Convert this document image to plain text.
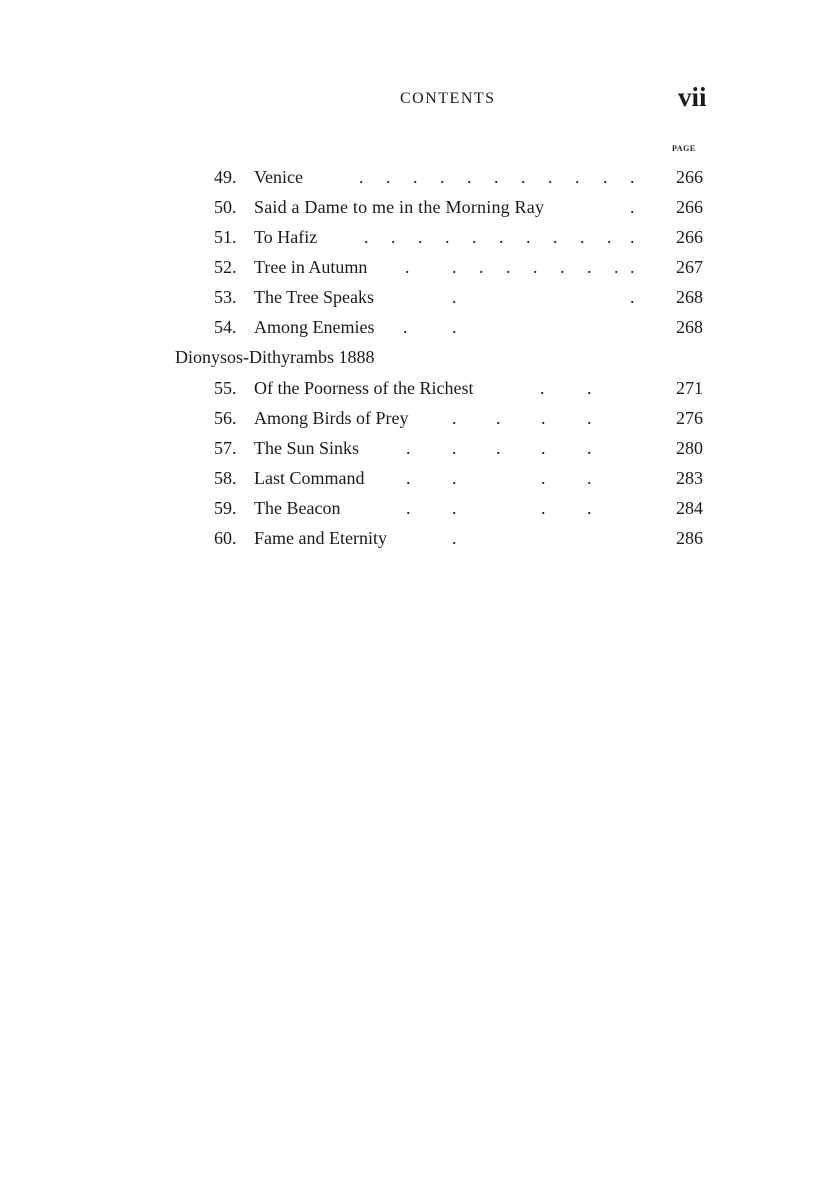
CONTENTS	vii
PAGE
49. Venice	. . . . . . . . . . . 266
50. Said a Dame to me in the Morning Ray	. 266
51. To Hafiz	. . . . . . . . . . . 266
52. Tree in Autumn . . . . . . . . . 267
53. The Tree Speaks	.	. 268
54. Among Enemies . .	268
Dionysos-Dithyrambs 1888
55. Of the Poorness of the Richest	. .	271
56. Among Birds of Prey . . . .	276
57. The Sun Sinks	. . . . .	280
58. Last Command . .	. .	283
59. The Beacon	. .	. .	284
60. Fame and Eternity	.	286
